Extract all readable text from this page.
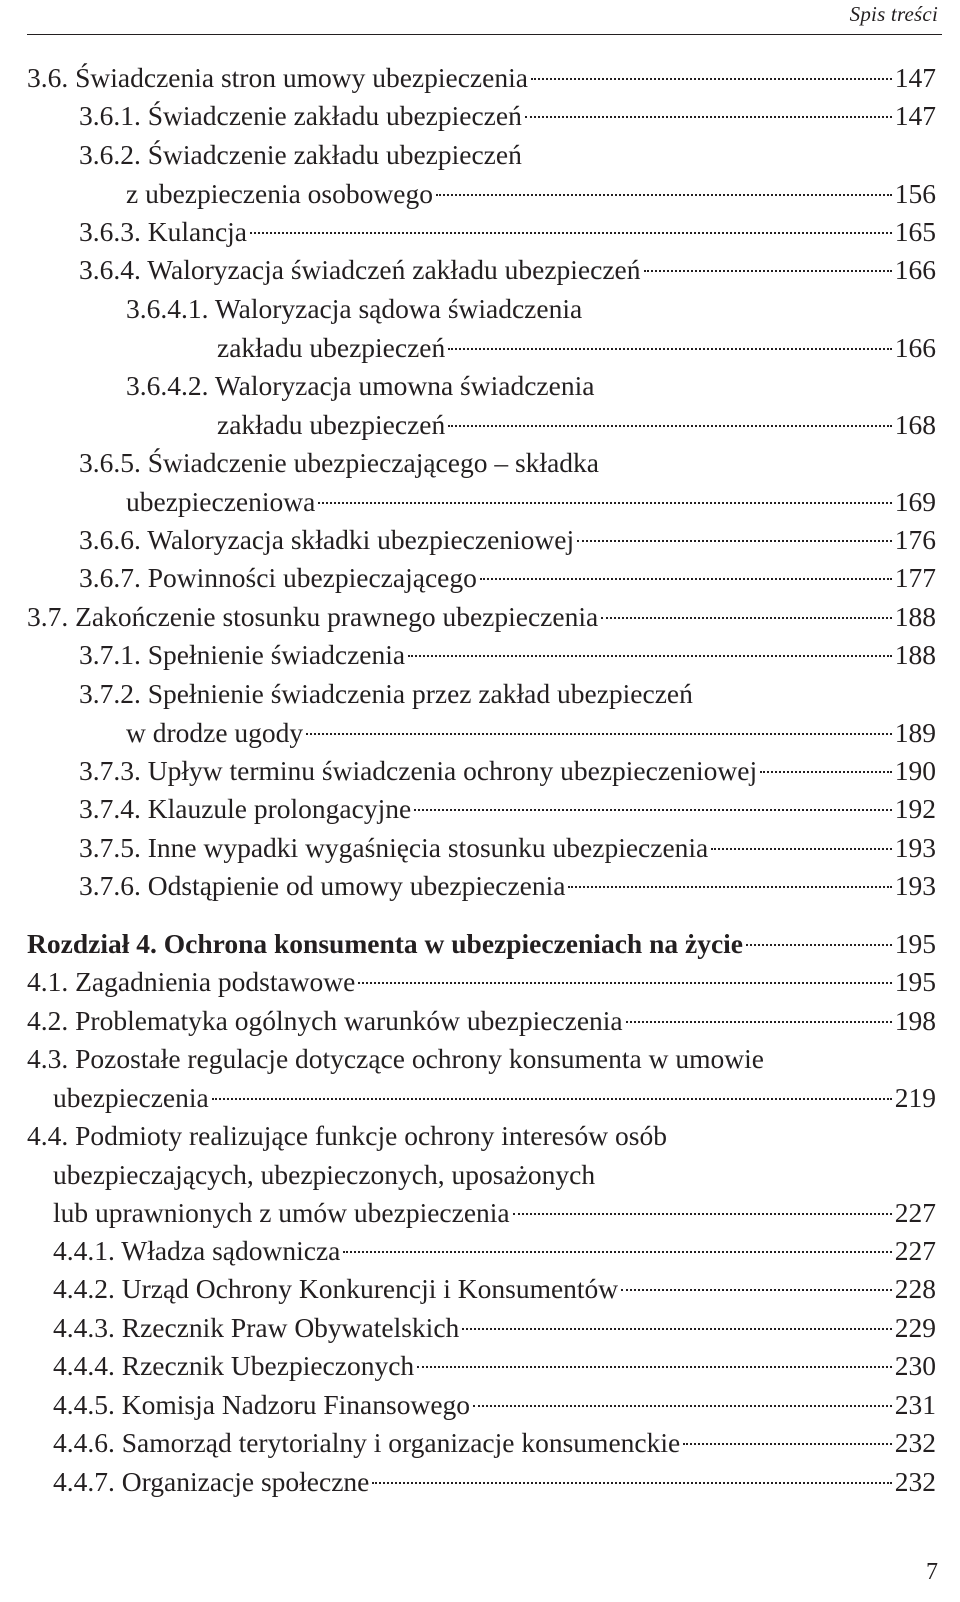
Spis treści
3.6. Świadczenia stron umowy ubezpieczenia	147
3.6.1. Świadczenie zakładu ubezpieczeń	147
3.6.2. Świadczenie zakładu ubezpieczeń
z ubezpieczenia osobowego	156
3.6.3. Kulancja	165
3.6.4. Waloryzacja świadczeń zakładu ubezpieczeń	166
3.6.4.1. Waloryzacja sądowa świadczenia
zakładu ubezpieczeń	166
3.6.4.2. Waloryzacja umowna świadczenia
zakładu ubezpieczeń	168
3.6.5. Świadczenie ubezpieczającego – składka
ubezpieczeniowa	169
3.6.6. Waloryzacja składki ubezpieczeniowej	176
3.6.7. Powinności ubezpieczającego	177
3.7. Zakończenie stosunku prawnego ubezpieczenia	188
3.7.1. Spełnienie świadczenia	188
3.7.2. Spełnienie świadczenia przez zakład ubezpieczeń
w drodze ugody	189
3.7.3. Upływ terminu świadczenia ochrony ubezpieczeniowej	190
3.7.4. Klauzule prolongacyjne	192
3.7.5. Inne wypadki wygaśnięcia stosunku ubezpieczenia	193
3.7.6. Odstąpienie od umowy ubezpieczenia	193
Rozdział 4. Ochrona konsumenta w ubezpieczeniach na życie	195
4.1. Zagadnienia podstawowe	195
4.2. Problematyka ogólnych warunków ubezpieczenia	198
4.3. Pozostałe regulacje dotyczące ochrony konsumenta w umowie
ubezpieczenia	219
4.4. Podmioty realizujące funkcje ochrony interesów osób
ubezpieczających, ubezpieczonych, uposażonych
lub uprawnionych z umów ubezpieczenia	227
4.4.1. Władza sądownicza	227
4.4.2. Urząd Ochrony Konkurencji i Konsumentów	228
4.4.3. Rzecznik Praw Obywatelskich	229
4.4.4. Rzecznik Ubezpieczonych	230
4.4.5. Komisja Nadzoru Finansowego	231
4.4.6. Samorząd terytorialny i organizacje konsumenckie	232
4.4.7. Organizacje społeczne	232
7
